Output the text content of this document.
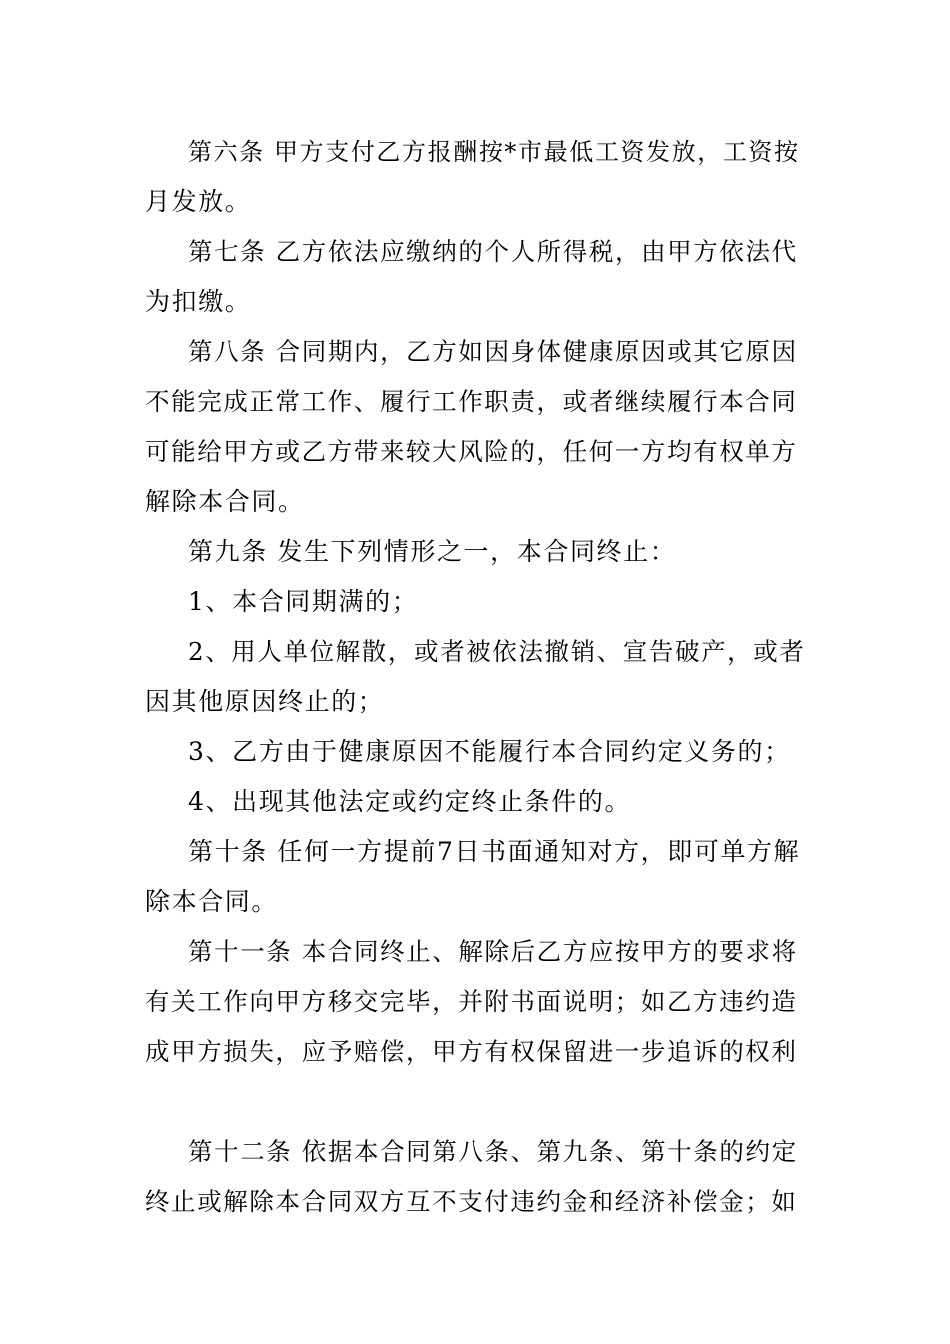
第六条 甲方支付乙方报酬按*市最低工资发放，工资按
月发放。
第七条 乙方依法应缴纳的个人所得税，由甲方依法代
为扣缴。
第八条 合同期内，乙方如因身体健康原因或其它原因
不能完成正常工作、履行工作职责，或者继续履行本合同
可能给甲方或乙方带来较大风险的，任何一方均有权单方
解除本合同。
第九条 发生下列情形之一，本合同终止：
1、本合同期满的；
2、用人单位解散，或者被依法撤销、宣告破产，或者
因其他原因终止的；
3、乙方由于健康原因不能履行本合同约定义务的；
4、出现其他法定或约定终止条件的。
第十条 任何一方提前7日书面通知对方，即可单方解
除本合同。
第十一条 本合同终止、解除后乙方应按甲方的要求将
有关工作向甲方移交完毕，并附书面说明；如乙方违约造
成甲方损失，应予赔偿，甲方有权保留进一步追诉的权利
第十二条 依据本合同第八条、第九条、第十条的约定
终止或解除本合同双方互不支付违约金和经济补偿金；如
